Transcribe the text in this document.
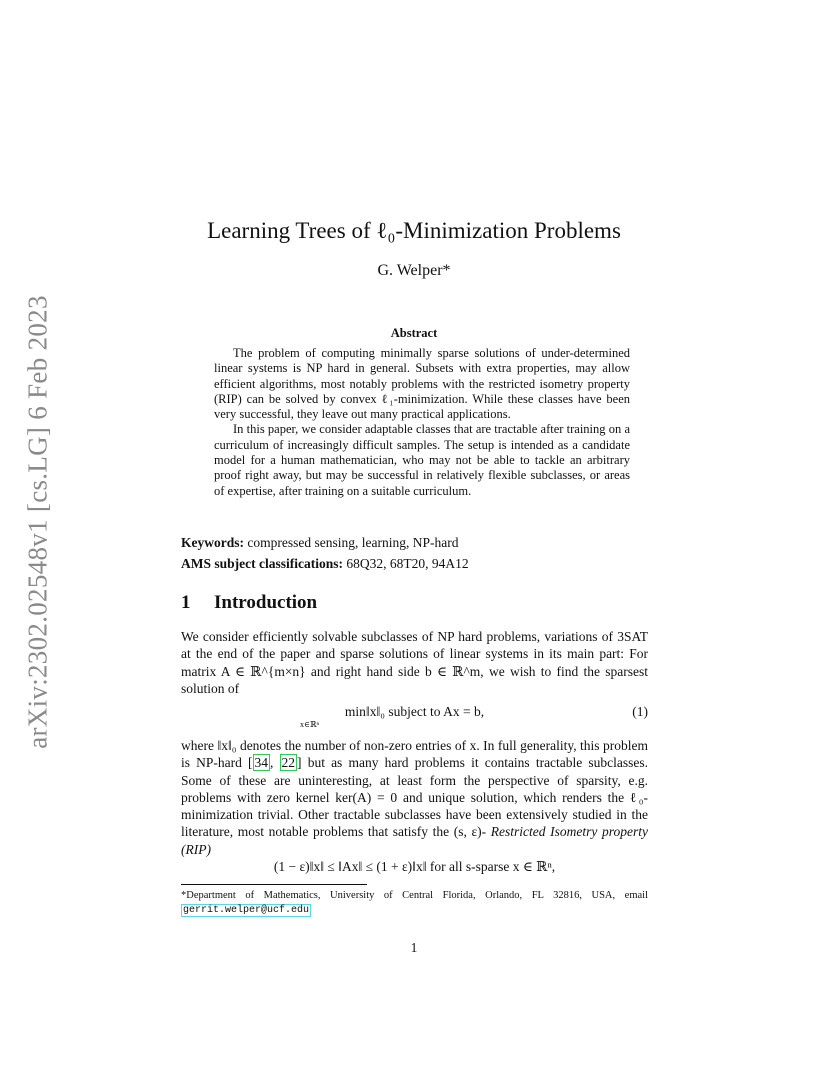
arXiv:2302.02548v1 [cs.LG] 6 Feb 2023
Learning Trees of ℓ₀-Minimization Problems
G. Welper*
Abstract

The problem of computing minimally sparse solutions of under-determined linear systems is NP hard in general. Subsets with extra properties, may allow efficient algorithms, most notably problems with the restricted isometry property (RIP) can be solved by convex ℓ₁-minimization. While these classes have been very successful, they leave out many practical applications.

In this paper, we consider adaptable classes that are tractable after training on a curriculum of increasingly difficult samples. The setup is intended as a candidate model for a human mathematician, who may not be able to tackle an arbitrary proof right away, but may be successful in relatively flexible subclasses, or areas of expertise, after training on a suitable curriculum.

Keywords: compressed sensing, learning, NP-hard
AMS subject classifications: 68Q32, 68T20, 94A12
1 Introduction
We consider efficiently solvable subclasses of NP hard problems, variations of 3SAT at the end of the paper and sparse solutions of linear systems in its main part: For matrix A ∈ ℝ^{m×n} and right hand side b ∈ ℝ^m, we wish to find the sparsest solution of
min‖x‖₀ subject to Ax = b,
x∈ℝⁿ
(1)
where ‖x‖₀ denotes the number of non-zero entries of x. In full generality, this problem is NP-hard [ 34 , 22 ] but as many hard problems it contains tractable subclasses. Some of these are uninteresting, at least form the perspective of sparsity, e.g. problems with zero kernel ker(A) = 0 and unique solution, which renders the ℓ₀-minimization trivial. Other tractable subclasses have been extensively studied in the literature, most notable problems that satisfy the (s, ε)- Restricted Isometry property (RIP)
(1 − ε)‖x‖ ≤ ‖Ax‖ ≤ (1 + ε)‖x‖ for all s-sparse x ∈ ℝⁿ,
*Department of Mathematics, University of Central Florida, Orlando, FL 32816, USA, email gerrit.welper@ucf.edu
1
